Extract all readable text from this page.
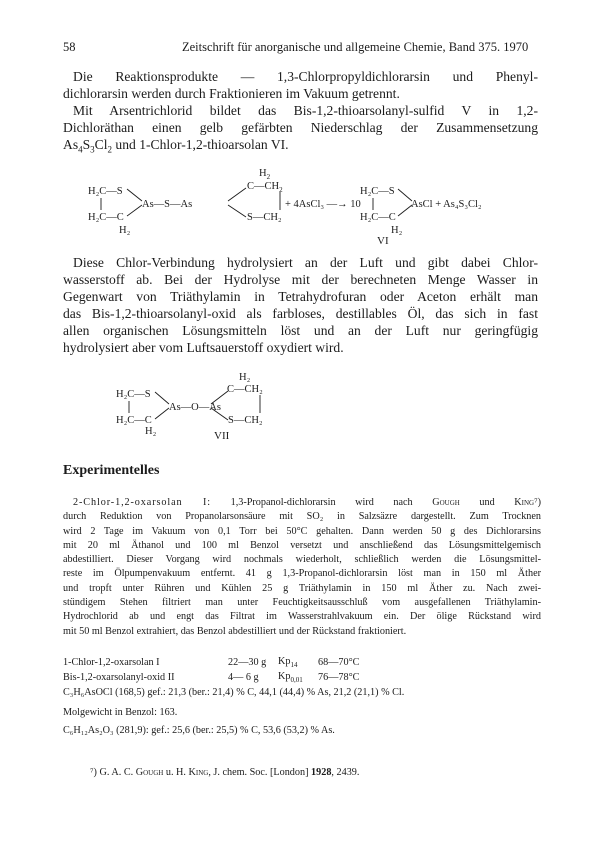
58	Zeitschrift für anorganische und allgemeine Chemie, Band 375. 1970
Die Reaktionsprodukte — 1,3-Chlorpropyldichlorarsin und Phenyl-
dichlorarsin werden durch Fraktionieren im Vakuum getrennt.
Mit Arsentrichlorid bildet das Bis-1,2-thioarsolanyl-sulfid V in 1,2-
Dichloräthan einen gelb gefärbten Niederschlag der Zusammensetzung
$As_4S_3Cl_2$ und 1-Chlor-1,2-thioarsolan VI.
$H_2$
$C—CH_2$
H₂C—S	H₂C—S
As—S—As	+ 4AsCl₃ —→ 10	AsCl + As₄S₃Cl₂
H₂C—C	S—CH₂	H₂C—C
H₂	H₂
VI
Diese Chlor-Verbindung hydrolysiert an der Luft und gibt dabei Chlor-
wasserstoff ab. Bei der Hydrolyse mit der berechneten Menge Wasser in
Gegenwart von Triäthylamin in Tetrahydrofuran oder Aceton erhält man
das Bis-1,2-thioarsolanyl-oxid als farbloses, destillables Öl, das sich in fast
allen organischen Lösungsmitteln löst und an der Luft nur geringfügig
hydrolysiert aber vom Luftsauerstoff oxydiert wird.
H₂
C—CH₂
H₂C—S
As—O—As
H₂C—C	S—CH₂
H₂	VII
Experimentelles
2-Chlor-1,2-oxarsolan I: 1,3-Propanol-dichlorarsin wird nach Gough und King⁷)
durch Reduktion von Propanolarsonsäure mit SO₂ in Salzsäzre dargestellt. Zum Trocknen
wird 2 Tage im Vakuum von 0,1 Torr bei 50°C gehalten. Dann werden 50 g des Dichlorarsins
mit 20 ml Äthanol und 100 ml Benzol versetzt und anschließend das Lösungsmittelgemisch
abdestilliert. Dieser Vorgang wird nochmals wiederholt, schließlich werden die Lösungsmittel-
reste im Ölpumpenvakuum entfernt. 41 g 1,3-Propanol-dichlorarsin löst man in 150 ml Äther
und tropft unter Rühren und Kühlen 25 g Triäthylamin in 150 ml Äther zu. Nach zwei-
stündigem Stehen filtriert man unter Feuchtigkeitsausschluß vom ausgefallenen Triäthylamin-
Hydrochlorid ab und engt das Filtrat im Wasserstrahlvakuum ein. Der ölige Rückstand wird
mit 50 ml Benzol extrahiert, das Benzol abdestilliert und der Rückstand fraktioniert.
1-Chlor-1,2-oxarsolan I	22—30 g	$Kp_{14}$	68—70°C
Bis-1,2-oxarsolanyl-oxid II	4— 6 g	$Kp_{0,01}$	76—78°C
C₃H₆AsOCl (168,5) gef.: 21,3 (ber.: 21,4) % C, 44,1 (44,4) % As, 21,2 (21,1) % Cl.
Molgewicht in Benzol: 163.
C₆H₁₂As₂O₃ (281,9): gef.: 25,6 (ber.: 25,5) % C, 53,6 (53,2) % As.
⁷) G. A. C. Gough u. H. King, J. chem. Soc. [London] 1928, 2439.
